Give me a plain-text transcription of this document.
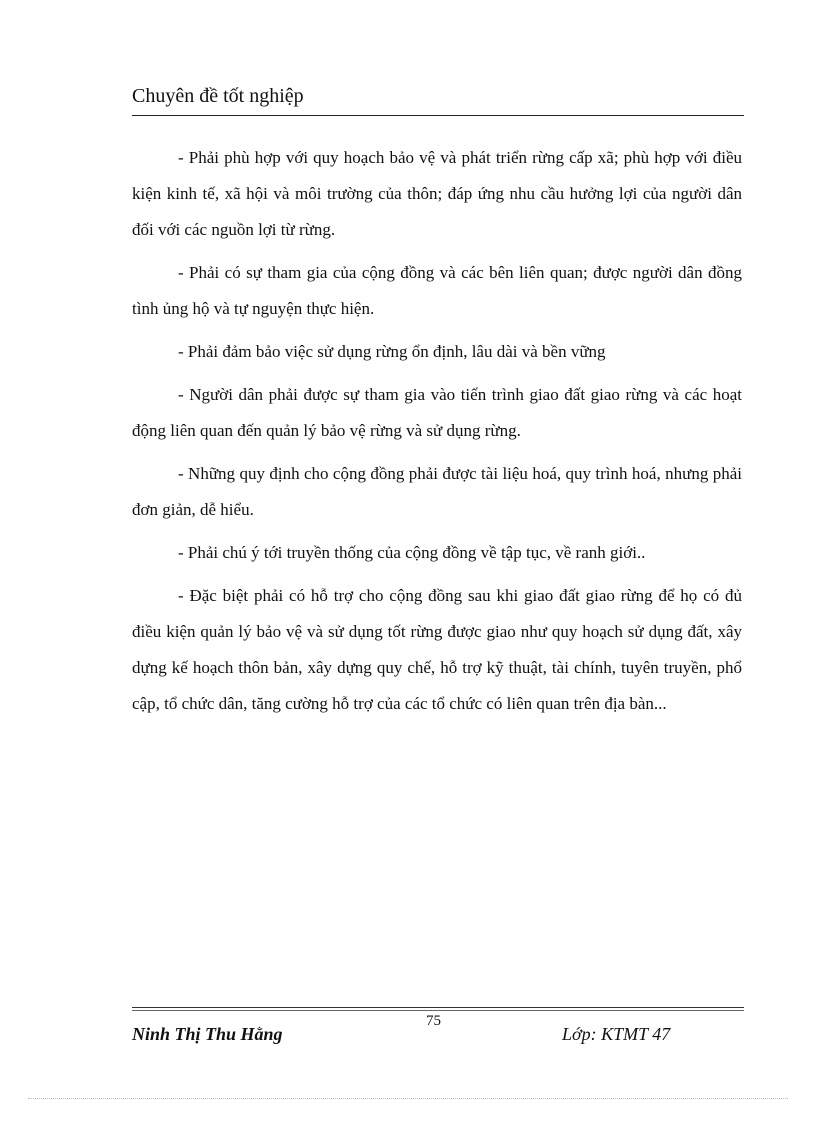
Chuyên đề tốt nghiệp

- Phải phù hợp với quy hoạch bảo vệ và phát triển rừng cấp xã; phù hợp với điều kiện kinh tế, xã hội và môi trường của thôn; đáp ứng nhu cầu hưởng lợi của người dân đối với các nguồn lợi từ rừng.

- Phải có sự tham gia của cộng đồng và các bên liên quan; được người dân đồng tình ủng hộ và tự nguyện thực hiện.

- Phải đảm bảo việc sử dụng rừng ổn định, lâu dài và bền vững

- Người dân phải được sự tham gia vào tiến trình giao đất giao rừng và các hoạt động liên quan đến quản lý bảo vệ rừng và sử dụng rừng.

- Những quy định cho cộng đồng phải được tài liệu hoá, quy trình hoá, nhưng phải đơn giản, dễ hiểu.

- Phải chú ý tới truyền thống của cộng đồng về tập tục, về ranh giới..

- Đặc biệt phải có hỗ trợ cho cộng đồng sau khi giao đất giao rừng để họ có đủ điều kiện quản lý bảo vệ và sử dụng tốt rừng được giao như quy hoạch sử dụng đất, xây dựng kế hoạch thôn bản, xây dựng quy chế, hỗ trợ kỹ thuật, tài chính, tuyên truyền, phổ cập, tổ chức dân, tăng cường hỗ trợ của các tổ chức có liên quan trên địa bàn...

75
Ninh Thị Thu Hằng	Lớp: KTMT 47
